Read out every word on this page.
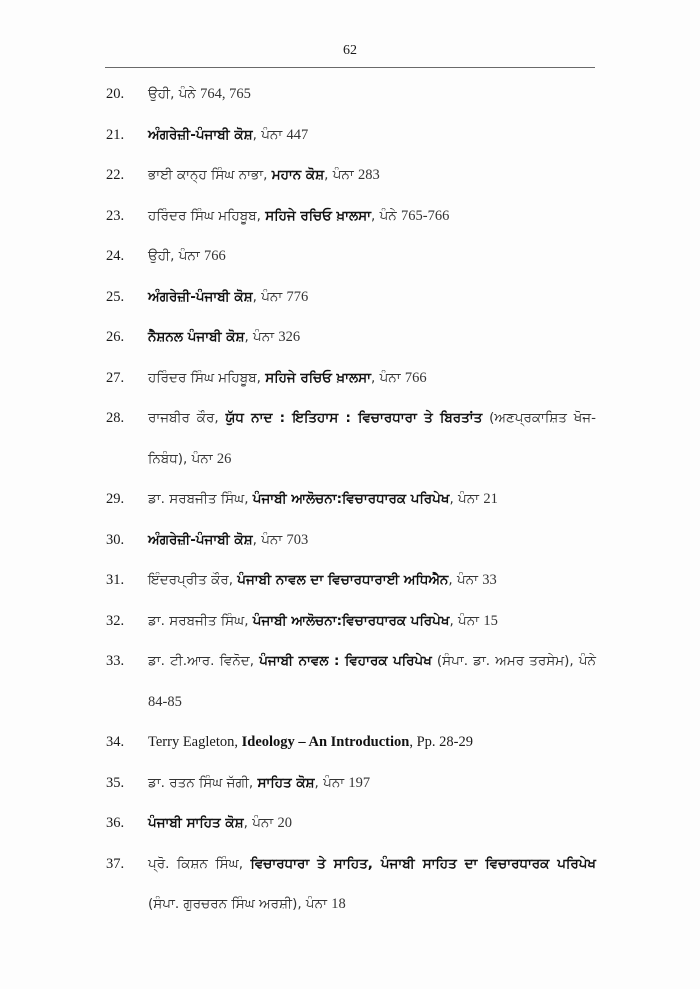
62
20.	ਉਹੀ, ਪੰਨੇ 764, 765
21.	ਅੰਗਰੇਜ਼ੀ-ਪੰਜਾਬੀ ਕੋਸ਼, ਪੰਨਾ 447
22.	ਭਾਈ ਕਾਨ੍ਹ ਸਿੰਘ ਨਾਭਾ, ਮਹਾਨ ਕੋਸ਼, ਪੰਨਾ 283
23.	ਹਰਿੰਦਰ ਸਿੰਘ ਮਹਿਬੂਬ, ਸਹਿਜੇ ਰਚਿਓ ਖ਼ਾਲਸਾ, ਪੰਨੇ 765-766
24.	ਉਹੀ, ਪੰਨਾ 766
25.	ਅੰਗਰੇਜ਼ੀ-ਪੰਜਾਬੀ ਕੋਸ਼, ਪੰਨਾ 776
26.	ਨੈਸ਼ਨਲ ਪੰਜਾਬੀ ਕੋਸ਼, ਪੰਨਾ 326
27.	ਹਰਿੰਦਰ ਸਿੰਘ ਮਹਿਬੂਬ, ਸਹਿਜੇ ਰਚਿਓ ਖ਼ਾਲਸਾ, ਪੰਨਾ 766
28.	ਰਾਜਬੀਰ ਕੌਰ, ਯੁੱਧ ਨਾਦ : ਇਤਿਹਾਸ : ਵਿਚਾਰਧਾਰਾ ਤੇ ਬਿਰਤਾਂਤ (ਅਣਪ੍ਰਕਾਸ਼ਿਤ ਖੋਜ-ਨਿਬੰਧ), ਪੰਨਾ 26
29.	ਡਾ. ਸਰਬਜੀਤ ਸਿੰਘ, ਪੰਜਾਬੀ ਆਲੋਚਨਾ:ਵਿਚਾਰਧਾਰਕ ਪਰਿਪੇਖ, ਪੰਨਾ 21
30.	ਅੰਗਰੇਜ਼ੀ-ਪੰਜਾਬੀ ਕੋਸ਼, ਪੰਨਾ 703
31.	ਇੰਦਰਪ੍ਰੀਤ ਕੌਰ, ਪੰਜਾਬੀ ਨਾਵਲ ਦਾ ਵਿਚਾਰਧਾਰਾਈ ਅਧਿਐਨ, ਪੰਨਾ 33
32.	ਡਾ. ਸਰਬਜੀਤ ਸਿੰਘ, ਪੰਜਾਬੀ ਆਲੋਚਨਾ:ਵਿਚਾਰਧਾਰਕ ਪਰਿਪੇਖ, ਪੰਨਾ 15
33.	ਡਾ. ਟੀ.ਆਰ. ਵਿਨੋਦ, ਪੰਜਾਬੀ ਨਾਵਲ : ਵਿਹਾਰਕ ਪਰਿਪੇਖ (ਸੰਪਾ. ਡਾ. ਅਮਰ ਤਰਸੇਮ), ਪੰਨੇ 84-85
34.	Terry Eagleton, Ideology – An Introduction, Pp. 28-29
35.	ਡਾ. ਰਤਨ ਸਿੰਘ ਜੱਗੀ, ਸਾਹਿਤ ਕੋਸ਼, ਪੰਨਾ 197
36.	ਪੰਜਾਬੀ ਸਾਹਿਤ ਕੋਸ਼, ਪੰਨਾ 20
37.	ਪ੍ਰੋ. ਕਿਸ਼ਨ ਸਿੰਘ, ਵਿਚਾਰਧਾਰਾ ਤੇ ਸਾਹਿਤ, ਪੰਜਾਬੀ ਸਾਹਿਤ ਦਾ ਵਿਚਾਰਧਾਰਕ ਪਰਿਪੇਖ (ਸੰਪਾ. ਗੁਰਚਰਨ ਸਿੰਘ ਅਰਸ਼ੀ), ਪੰਨਾ 18
